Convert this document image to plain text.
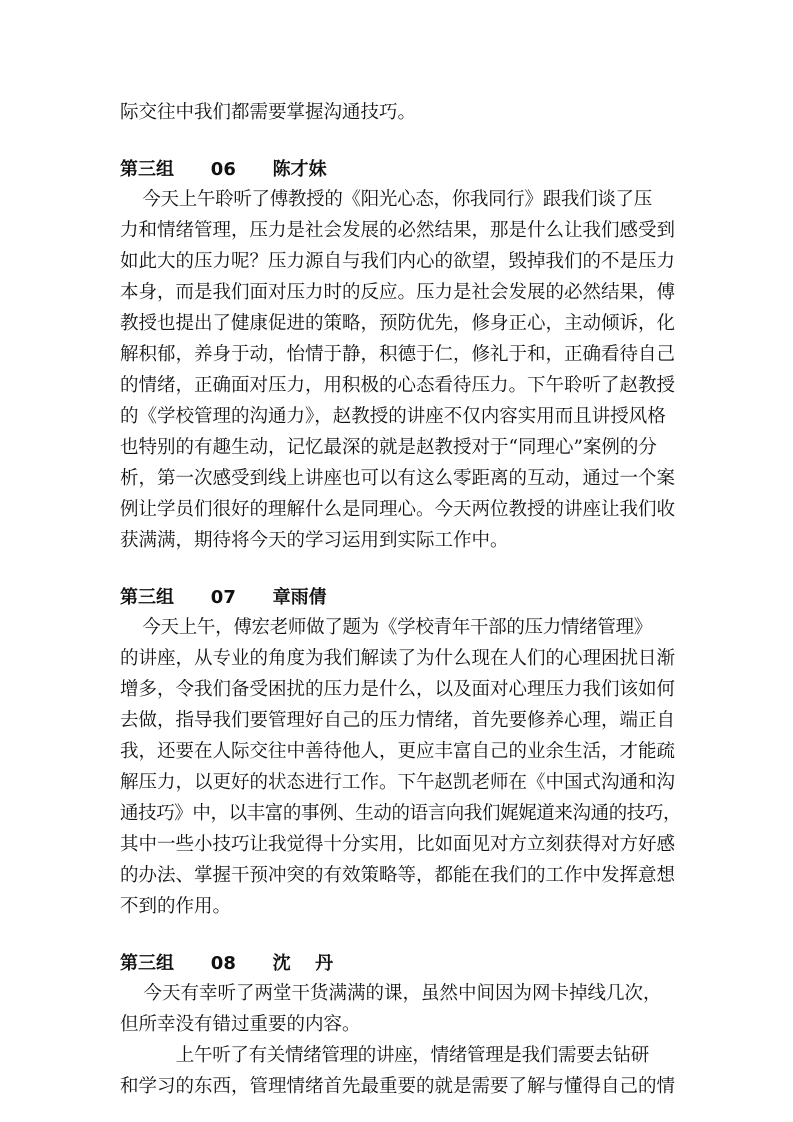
际交往中我们都需要掌握沟通技巧。
第三组   06   陈才妹
今天上午聆听了傅教授的《阳光心态，你我同行》跟我们谈了压
力和情绪管理，压力是社会发展的必然结果，那是什么让我们感受到
如此大的压力呢？压力源自与我们内心的欲望，毁掉我们的不是压力
本身，而是我们面对压力时的反应。压力是社会发展的必然结果，傅
教授也提出了健康促进的策略，预防优先，修身正心，主动倾诉，化
解积郁，养身于动，怡情于静，积德于仁，修礼于和，正确看待自己
的情绪，正确面对压力，用积极的心态看待压力。下午聆听了赵教授
的《学校管理的沟通力》，赵教授的讲座不仅内容实用而且讲授风格
也特别的有趣生动，记忆最深的就是赵教授对于“同理心”案例的分
析，第一次感受到线上讲座也可以有这么零距离的互动，通过一个案
例让学员们很好的理解什么是同理心。今天两位教授的讲座让我们收
获满满，期待将今天的学习运用到实际工作中。
第三组   07   章雨倩
今天上午，傅宏老师做了题为《学校青年干部的压力情绪管理》
的讲座，从专业的角度为我们解读了为什么现在人们的心理困扰日渐
增多，令我们备受困扰的压力是什么，以及面对心理压力我们该如何
去做，指导我们要管理好自己的压力情绪，首先要修养心理，端正自
我，还要在人际交往中善待他人，更应丰富自己的业余生活，才能疏
解压力，以更好的状态进行工作。下午赵凯老师在《中国式沟通和沟
通技巧》中，以丰富的事例、生动的语言向我们娓娓道来沟通的技巧，
其中一些小技巧让我觉得十分实用，比如面见对方立刻获得对方好感
的办法、掌握干预冲突的有效策略等，都能在我们的工作中发挥意想
不到的作用。
第三组   08   沈  丹
今天有幸听了两堂干货满满的课，虽然中间因为网卡掉线几次，
但所幸没有错过重要的内容。
上午听了有关情绪管理的讲座，情绪管理是我们需要去钻研
和学习的东西，管理情绪首先最重要的就是需要了解与懂得自己的情
